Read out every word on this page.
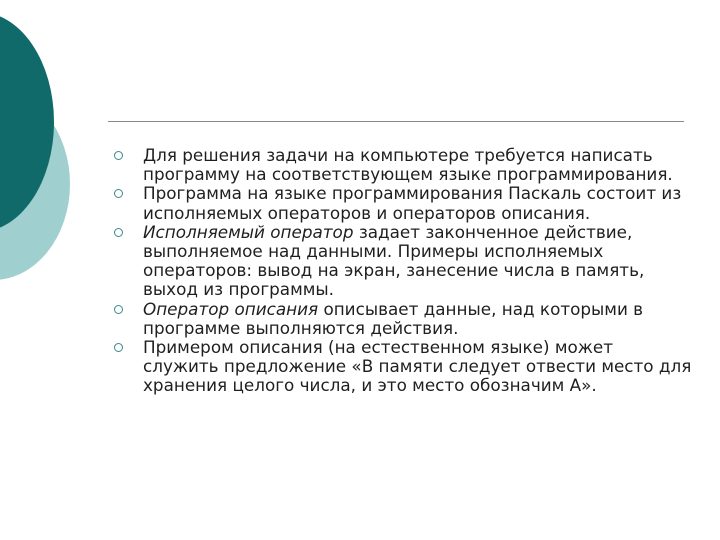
Для решения задачи на компьютере требуется написать программу на соответствующем языке программирования.
Программа на языке программирования Паскаль состоит из исполняемых операторов и операторов описания.
Исполняемый оператор задает законченное действие, выполняемое над данными. Примеры исполняемых операторов: вывод на экран, занесение числа в память, выход из программы.
Оператор описания описывает данные, над которыми в программе выполняются действия.
Примером описания (на естественном языке) может служить предложение «В памяти следует отвести место для хранения целого числа, и это место обозначим А».
